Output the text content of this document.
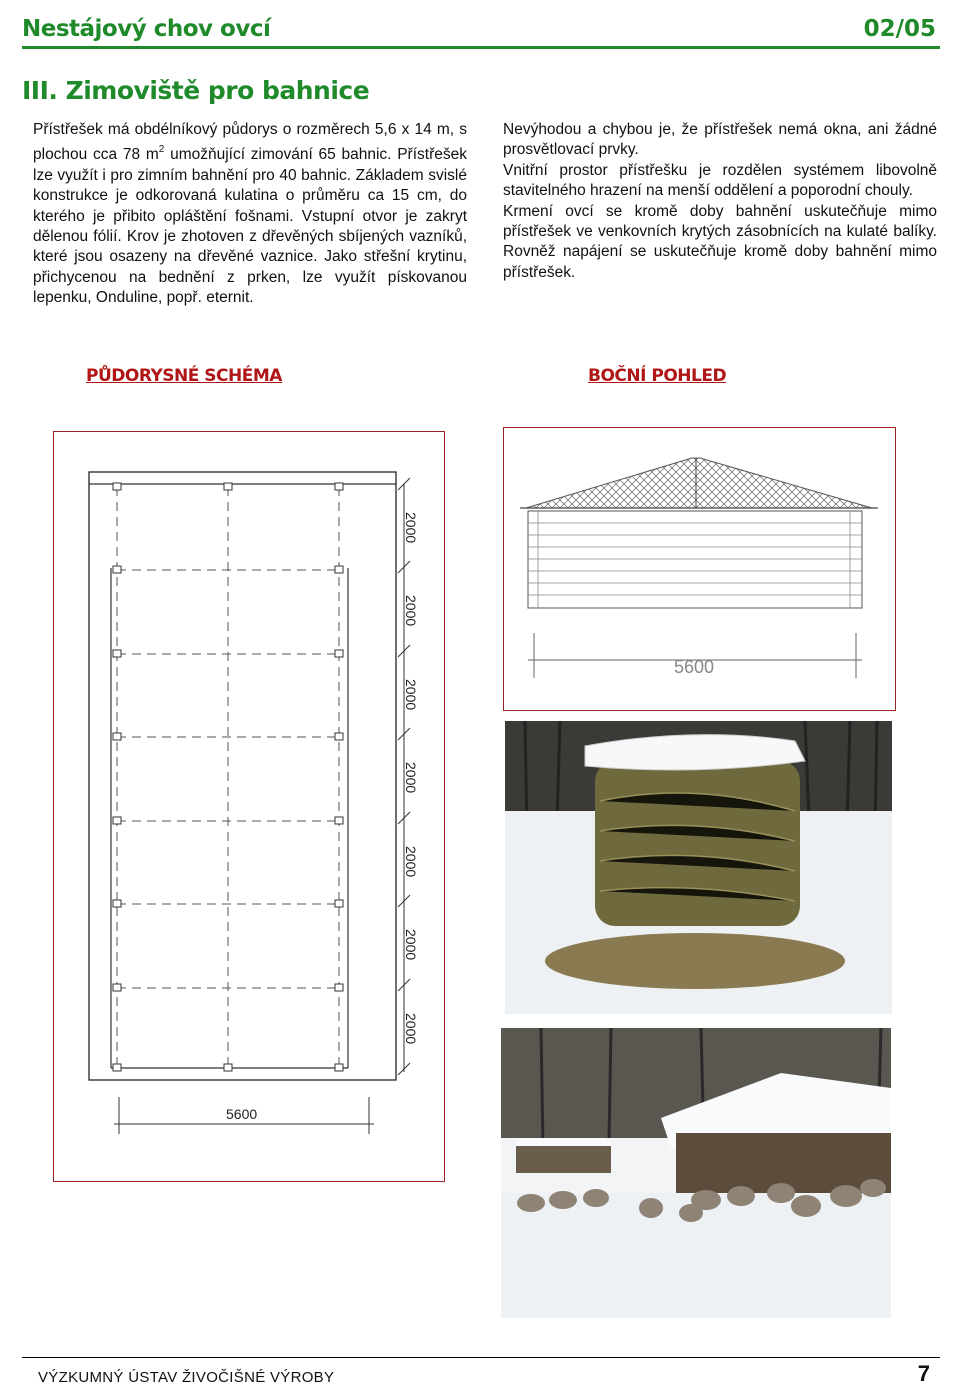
Nestájový chov ovcí	02/05
III. Zimoviště pro bahnice

Přístřešek má obdélníkový půdorys o rozměrech 5,6 x 14 m, s plochou cca 78 $m^2$ umožňující zimování 65 bahnic. Přístřešek lze využít i pro zimním bahnění pro 40 bahnic. Základem svislé konstrukce je odkorovaná kulatina o průměru ca 15 cm, do kterého je přibito opláštění fošnami. Vstupní otvor je zakryt dělenou fólií. Krov je zhotoven z dřevěných sbíjených vazníků, které jsou osazeny na dřevěné vaznice. Jako střešní krytinu, přichycenou na bednění z prken, lze využít pískovanou lepenku, Onduline, popř. eternit.

Nevýhodou a chybou je, že přístřešek nemá okna, ani žádné prosvětlovací prvky.

Vnitřní prostor přístřešku je rozdělen systémem libovolně stavitelného hrazení na menší oddělení a poporodní chouly.

Krmení ovcí se kromě doby bahnění uskutečňuje mimo přístřešek ve venkovních krytých zásobnících na kulaté balíky. Rovněž napájení se uskutečňuje kromě doby bahnění mimo přístřešek.

PŮDORYSNÉ SCHÉMA	BOČNÍ POHLED
2000
2000
2000
2000
2000
2000
2000
5600
5600
VÝZKUMNÝ ÚSTAV ŽIVOČIŠNÉ VÝROBY	7
